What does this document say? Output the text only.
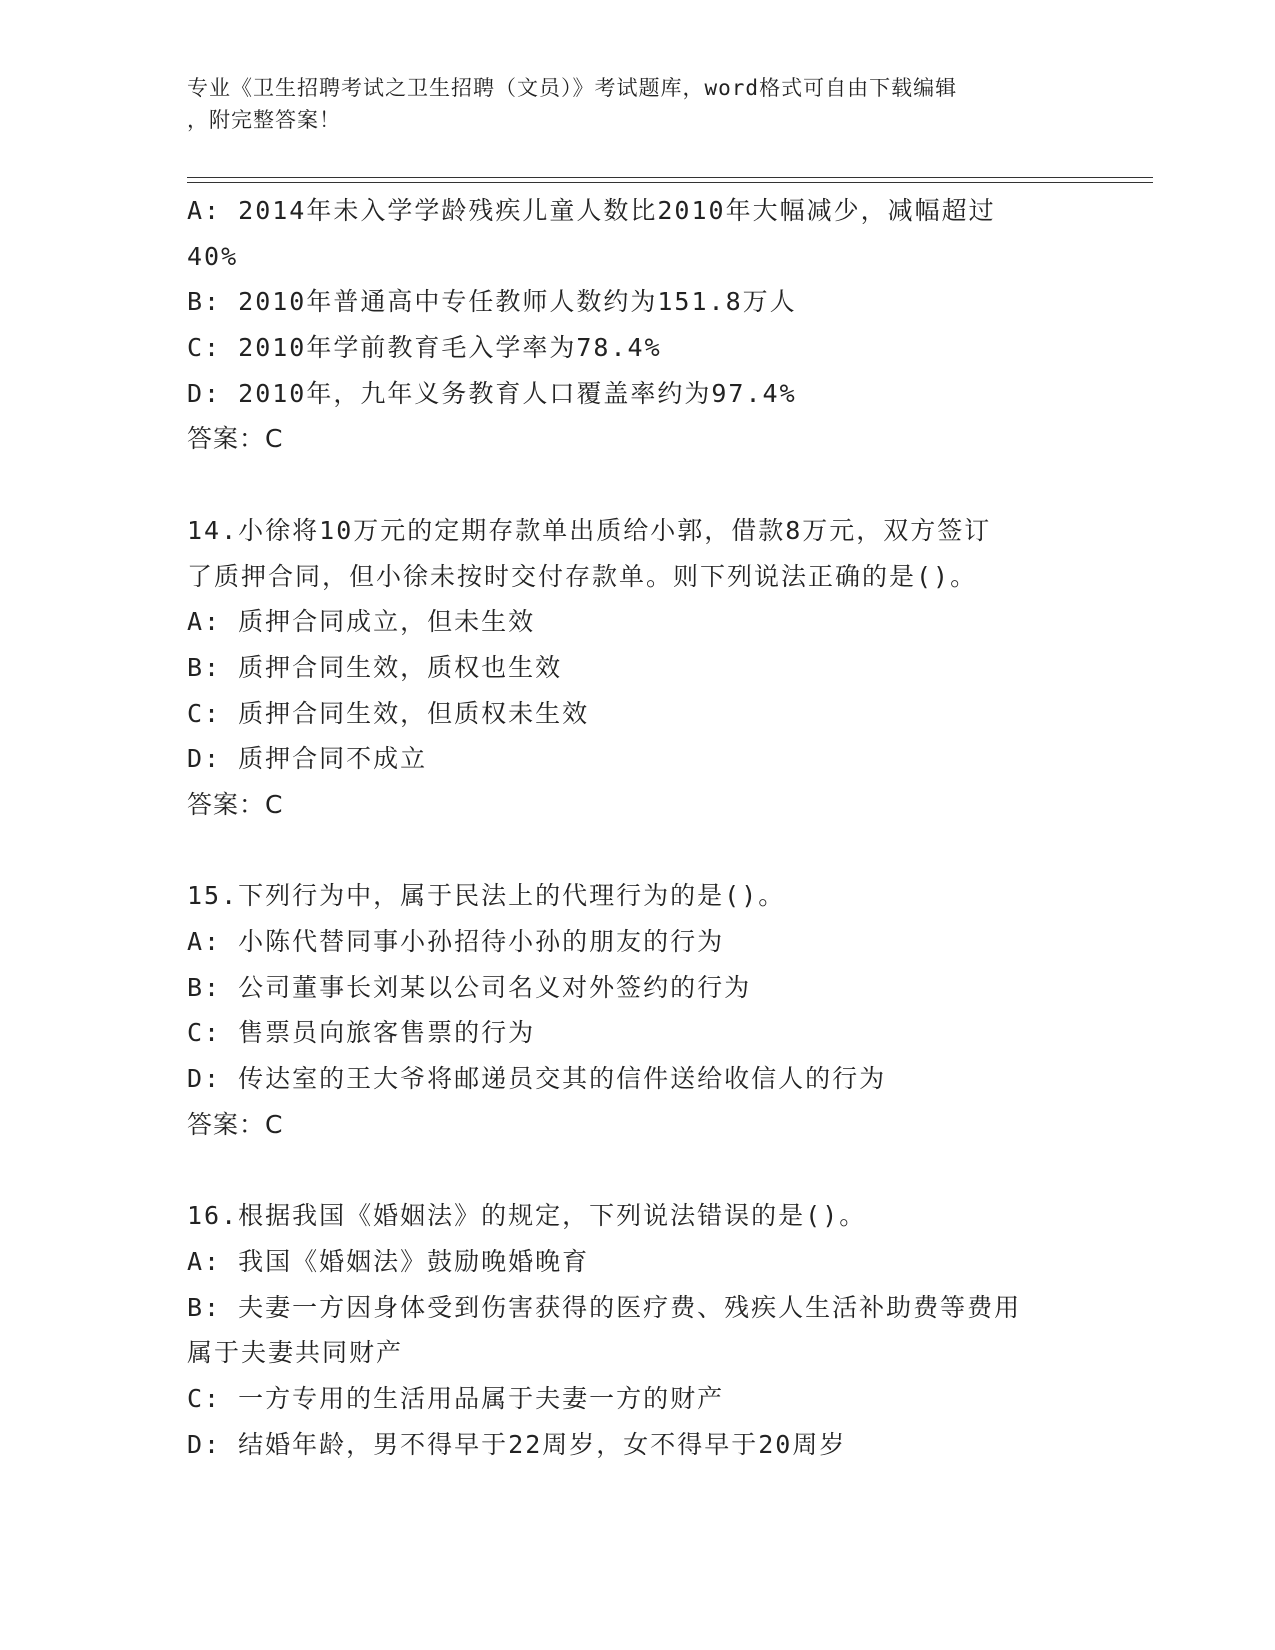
专业《卫生招聘考试之卫生招聘（文员）》考试题库，word格式可自由下载编辑

，附完整答案！

A: 2014年未入学学龄残疾儿童人数比2010年大幅减少，减幅超过
40%
B: 2010年普通高中专任教师人数约为151.8万人
C: 2010年学前教育毛入学率为78.4%
D: 2010年，九年义务教育人口覆盖率约为97.4%
答案：C
14.小徐将10万元的定期存款单出质给小郭，借款8万元，双方签订
了质押合同，但小徐未按时交付存款单。则下列说法正确的是()。
A: 质押合同成立，但未生效
B: 质押合同生效，质权也生效
C: 质押合同生效，但质权未生效
D: 质押合同不成立
答案：C
15.下列行为中，属于民法上的代理行为的是()。
A: 小陈代替同事小孙招待小孙的朋友的行为
B: 公司董事长刘某以公司名义对外签约的行为
C: 售票员向旅客售票的行为
D: 传达室的王大爷将邮递员交其的信件送给收信人的行为
答案：C
16.根据我国《婚姻法》的规定，下列说法错误的是()。
A: 我国《婚姻法》鼓励晚婚晚育
B: 夫妻一方因身体受到伤害获得的医疗费、残疾人生活补助费等费用
属于夫妻共同财产
C: 一方专用的生活用品属于夫妻一方的财产
D: 结婚年龄，男不得早于22周岁，女不得早于20周岁
